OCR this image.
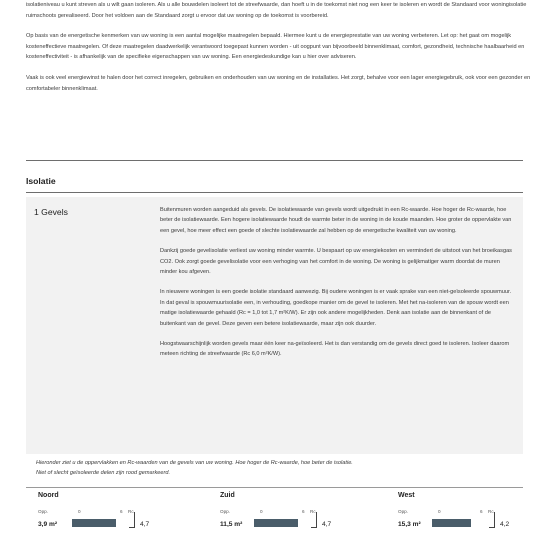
isolatieniveau u kunt streven als u wilt gaan isoleren. Als u alle bouwdelen isoleert tot de streefwaarde, dan hoeft u in de toekomst niet nog een keer te isoleren en wordt de Standaard voor woningisolatie ruimschoots gerealiseerd. Door het voldoen aan de Standaard zorgt u ervoor dat uw woning op de toekomst is voorbereid.

Op basis van de energetische kenmerken van uw woning is een aantal mogelijke maatregelen bepaald. Hiermee kunt u de energieprestatie van uw woning verbeteren. Let op: het gaat om mogelijk kosteneffectieve maatregelen. Of deze maatregelen daadwerkelijk verantwoord toegepast kunnen worden - uit oogpunt van bijvoorbeeld binnenklimaat, comfort, gezondheid, technische haalbaarheid en kosteneffectiviteit - is afhankelijk van de specifieke eigenschappen van uw woning. Een energiedeskundige kan u hier over adviseren.

Vaak is ook veel energiewinst te halen door het correct inregelen, gebruiken en onderhouden van uw woning en de installaties. Het zorgt, behalve voor een lager energiegebruik, ook voor een gezonder en comfortabeler binnenklimaat.

Isolatie
1 Gevels	Buitenmuren worden aangeduid als gevels. De isolatiewaarde van gevels wordt uitgedrukt in een Rc-waarde. Hoe hoger de Rc-waarde, hoe beter de isolatiewaarde. Een hogere isolatiewaarde houdt de warmte beter in de woning in de koude maanden. Hoe groter de oppervlakte van een gevel, hoe meer effect een goede of slechte isolatiewaarde zal hebben op de energetische kwaliteit van uw woning.

Dankzij goede gevelisolatie verliest uw woning minder warmte. U bespaart op uw energiekosten en vermindert de uitstoot van het broeikasgas CO2. Ook zorgt goede gevelisolatie voor een verhoging van het comfort in de woning. De woning is gelijkmatiger warm doordat de muren minder kou afgeven.

In nieuwere woningen is een goede isolatie standaard aanwezig. Bij oudere woningen is er vaak sprake van een niet-geïsoleerde spouwmuur. In dat geval is spouwmuurisolatie een, in verhouding, goedkope manier om de gevel te isoleren. Met het na-isoleren van de spouw wordt een matige isolatiewaarde gehaald (Rc = 1,0 tot 1,7 m²K/W). Er zijn ook andere mogelijkheden. Denk aan isolatie aan de binnenkant of de buitenkant van de gevel. Deze geven een betere isolatiewaarde, maar zijn ook duurder.

Hoogstwaarschijnlijk worden gevels maar één keer na-geïsoleerd. Het is dan verstandig om de gevels direct goed te isoleren. Isoleer daarom meteen richting de streefwaarde (Rc 6,0 m²K/W).

Hieronder ziet u de oppervlakken en Rc-waarden van de gevels van uw woning. Hoe hoger de Rc-waarde, hoe beter de isolatie.
Niet of slecht geïsoleerde delen zijn rood gemarkeerd.
Noord
Opp.	0	6 Rc
3,9 m²	4,7
Zuid
Opp.	0	6 Rc
11,5 m²	4,7
West
Opp.	0	6 Rc
15,3 m²	4,2
